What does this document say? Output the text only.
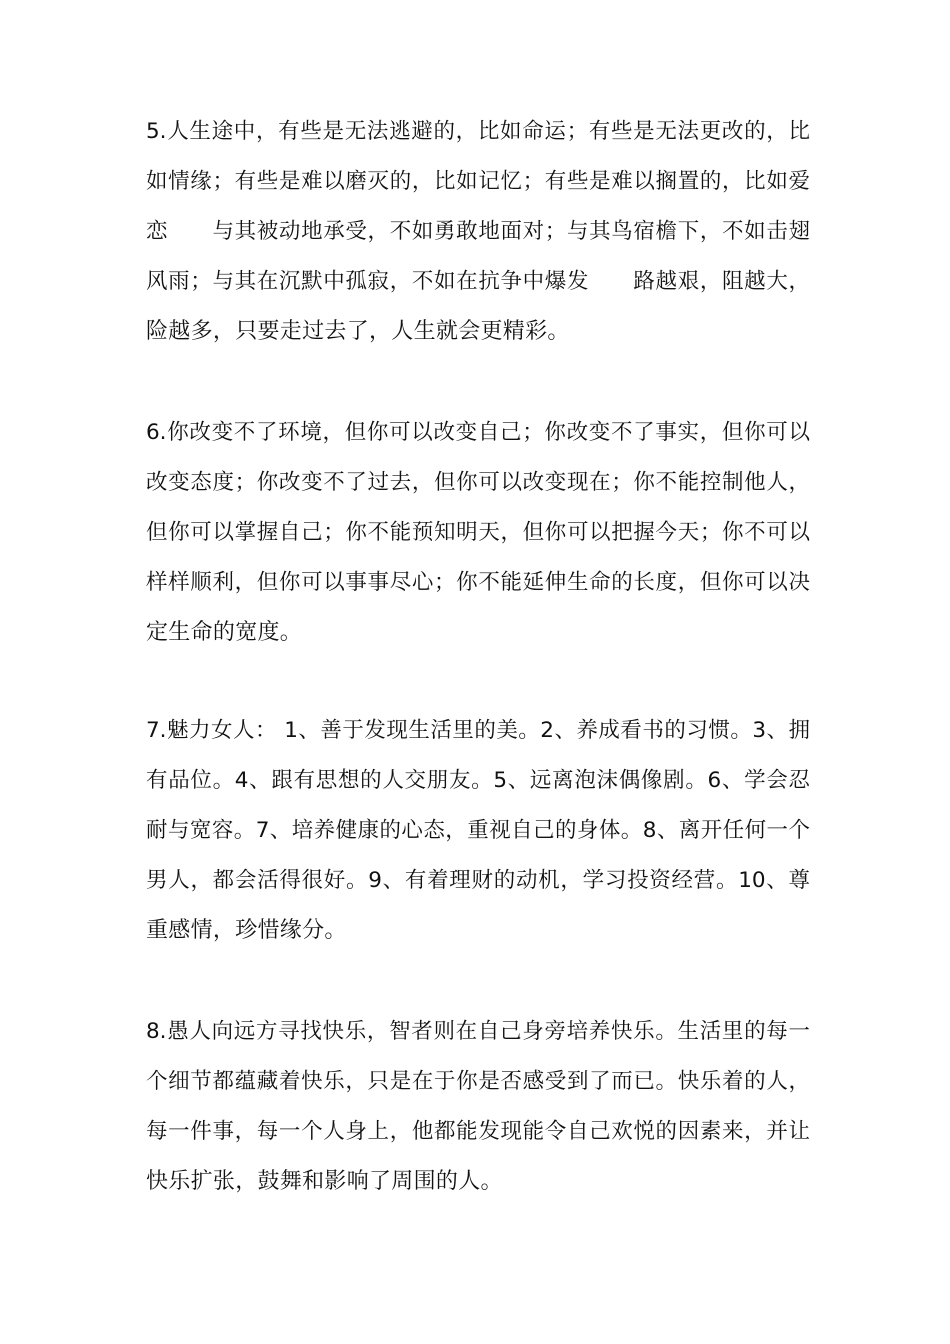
5.人生途中，有些是无法逃避的，比如命运；有些是无法更改的，比
如情缘；有些是难以磨灭的，比如记忆；有些是难以搁置的，比如爱
恋　　与其被动地承受，不如勇敢地面对；与其鸟宿檐下，不如击翅
风雨；与其在沉默中孤寂，不如在抗争中爆发　　路越艰，阻越大，
险越多，只要走过去了，人生就会更精彩。
6.你改变不了环境，但你可以改变自己；你改变不了事实，但你可以
改变态度；你改变不了过去，但你可以改变现在；你不能控制他人，
但你可以掌握自己；你不能预知明天，但你可以把握今天；你不可以
样样顺利，但你可以事事尽心；你不能延伸生命的长度，但你可以决
定生命的宽度。
7.魅力女人： 1、善于发现生活里的美。2、养成看书的习惯。3、拥
有品位。4、跟有思想的人交朋友。5、远离泡沫偶像剧。6、学会忍
耐与宽容。7、培养健康的心态，重视自己的身体。8、离开任何一个
男人，都会活得很好。9、有着理财的动机，学习投资经营。10、尊
重感情，珍惜缘分。
8.愚人向远方寻找快乐，智者则在自己身旁培养快乐。生活里的每一
个细节都蕴藏着快乐，只是在于你是否感受到了而已。快乐着的人，
每一件事，每一个人身上，他都能发现能令自己欢悦的因素来，并让
快乐扩张，鼓舞和影响了周围的人。
